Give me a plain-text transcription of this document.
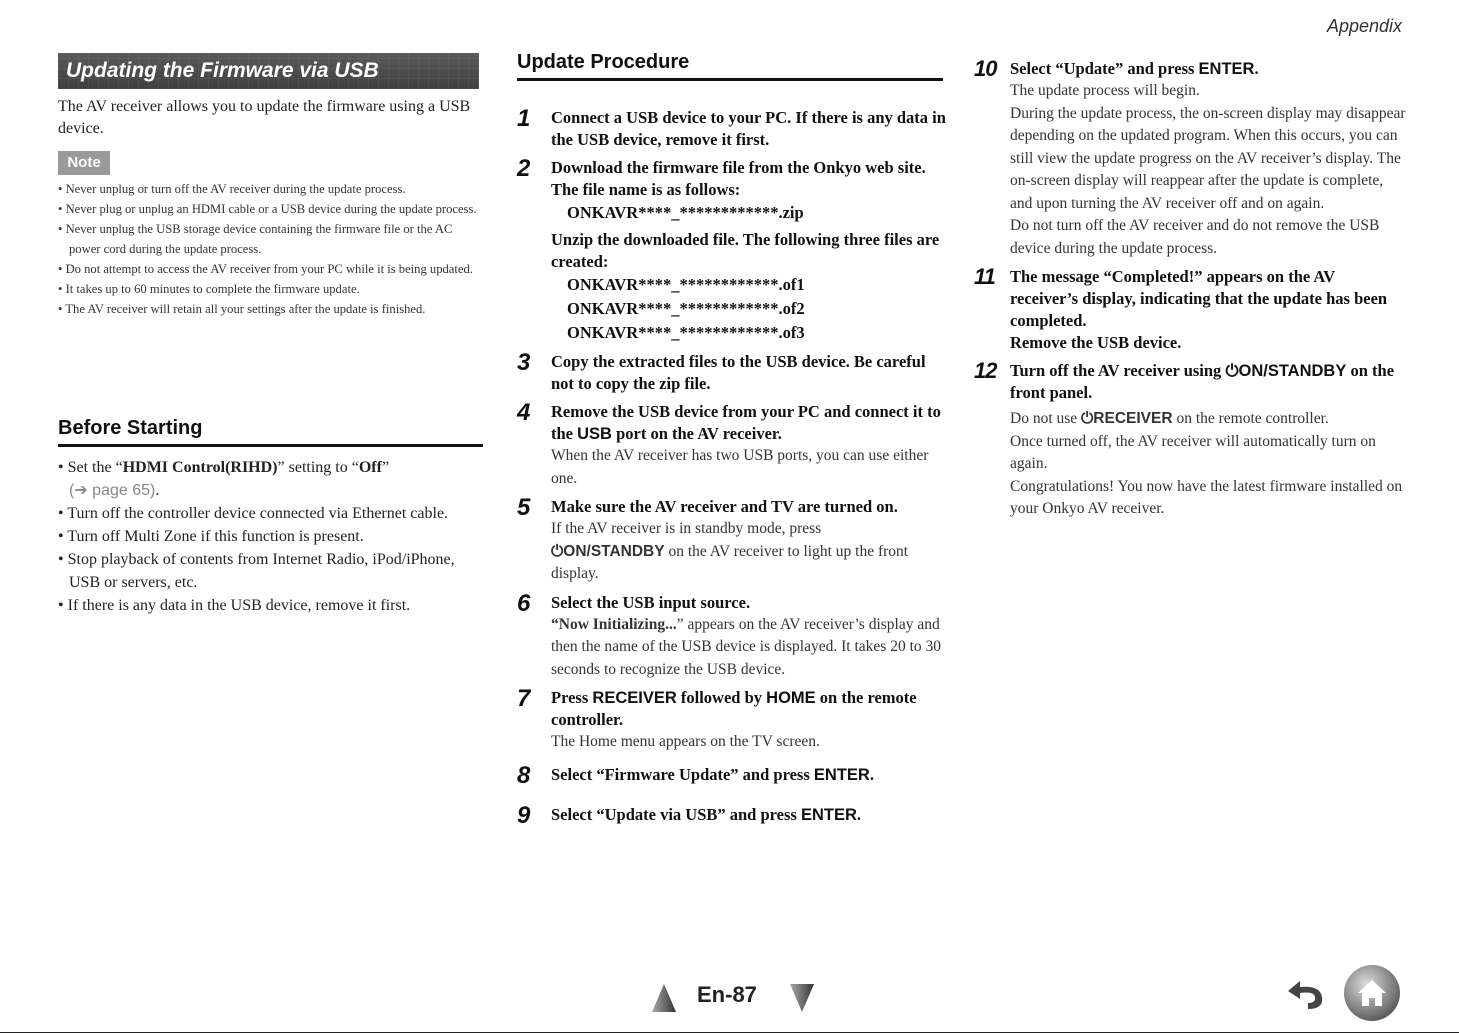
Appendix
Updating the Firmware via USB
The AV receiver allows you to update the firmware using a USB device.
Note
• Never unplug or turn off the AV receiver during the update process.
• Never plug or unplug an HDMI cable or a USB device during the update process.
• Never unplug the USB storage device containing the firmware file or the AC power cord during the update process.
• Do not attempt to access the AV receiver from your PC while it is being updated.
• It takes up to 60 minutes to complete the firmware update.
• The AV receiver will retain all your settings after the update is finished.
Before Starting
• Set the “HDMI Control(RIHD)” setting to “Off”
(➔ page 65).
• Turn off the controller device connected via Ethernet cable.
• Turn off Multi Zone if this function is present.
• Stop playback of contents from Internet Radio, iPod/iPhone, USB or servers, etc.
• If there is any data in the USB device, remove it first.
Update Procedure
1 Connect a USB device to your PC. If there is any data in the USB device, remove it first.
2 Download the firmware file from the Onkyo web site. The file name is as follows:
ONKAVR****_************.zip
Unzip the downloaded file. The following three files are created:
ONKAVR****_************.of1
ONKAVR****_************.of2
ONKAVR****_************.of3
3 Copy the extracted files to the USB device. Be careful not to copy the zip file.
4 Remove the USB device from your PC and connect it to the USB port on the AV receiver.
When the AV receiver has two USB ports, you can use either one.
5 Make sure the AV receiver and TV are turned on.
If the AV receiver is in standby mode, press
⏻ON/STANDBY on the AV receiver to light up the front display.
6 Select the USB input source.
“Now Initializing...” appears on the AV receiver’s display and then the name of the USB device is displayed. It takes 20 to 30 seconds to recognize the USB device.
7 Press RECEIVER followed by HOME on the remote controller.
The Home menu appears on the TV screen.
8 Select “Firmware Update” and press ENTER.
9 Select “Update via USB” and press ENTER.
10 Select “Update” and press ENTER.
The update process will begin.
During the update process, the on-screen display may disappear depending on the updated program. When this occurs, you can still view the update progress on the AV receiver’s display. The on-screen display will reappear after the update is complete, and upon turning the AV receiver off and on again.
Do not turn off the AV receiver and do not remove the USB device during the update process.
11 The message “Completed!” appears on the AV receiver’s display, indicating that the update has been completed.
Remove the USB device.
12 Turn off the AV receiver using ⏻ON/STANDBY on the front panel.
Do not use ⏻RECEIVER on the remote controller.
Once turned off, the AV receiver will automatically turn on again.
Congratulations! You now have the latest firmware installed on your Onkyo AV receiver.
En-87
